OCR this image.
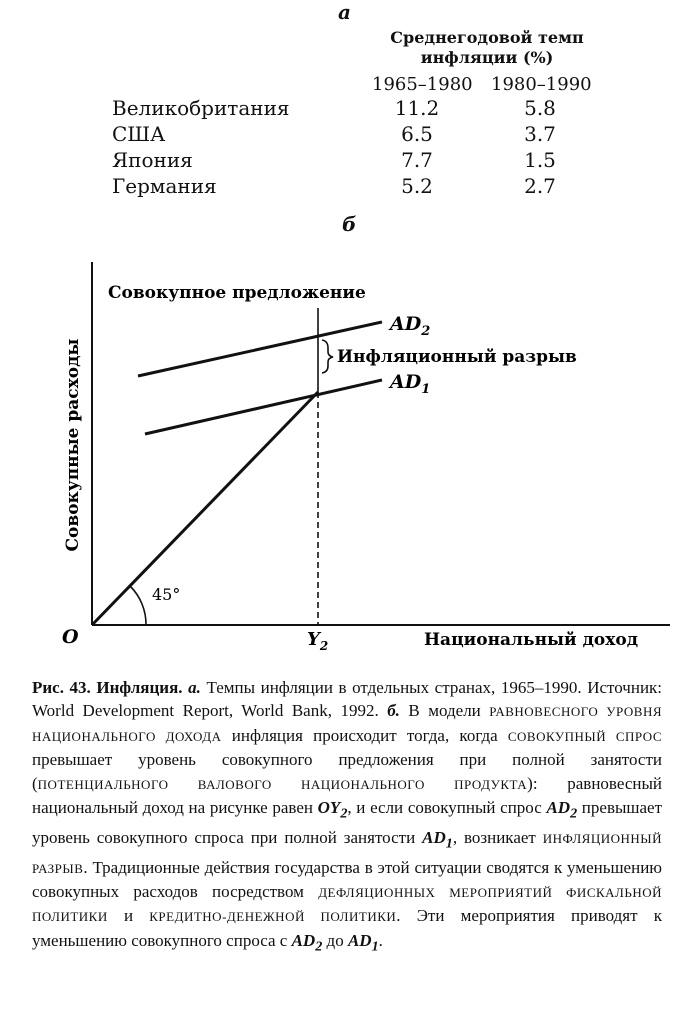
а
Среднегодовой темп инфляции (%)
1965–1980 1980–1990
Великобритания	11.2	5.8
США	6.5	3.7
Япония	7.7	1.5
Германия	5.2	2.7
б
Совокупные расходы
Совокупное предложение
Инфляционный разрыв
$AD_2$
$AD_1$
45°
O	$Y_2$	Национальный доход
Рис. 43. Инфляция. а. Темпы инфляции в отдельных странах, 1965–1990. Источник: World Development Report, World Bank, 1992. б. В модели РАВНОВЕСНОГО УРОВНЯ НАЦИОНАЛЬНОГО ДОХОДА инфляция происходит тогда, когда СОВОКУПНЫЙ СПРОС превышает уровень совокупного предложения при полной занятости (ПОТЕНЦИАЛЬНОГО ВАЛОВОГО НАЦИОНАЛЬНОГО ПРОДУКТА): равновесный национальный доход на рисунке равен $OY_2$, и если совокупный спрос $AD_2$ превышает уровень совокупного спроса при полной занятости $AD_1$, возникает ИНФЛЯЦИОННЫЙ РАЗРЫВ. Традиционные действия государства в этой ситуации сводятся к уменьшению совокупных расходов посредством ДЕФЛЯЦИОННЫХ МЕРОПРИЯТИЙ ФИСКАЛЬНОЙ ПОЛИТИКИ и КРЕДИТНО-ДЕНЕЖНОЙ ПОЛИТИКИ. Эти мероприятия приводят к уменьшению совокупного спроса с $AD_2$ до $AD_1$.
